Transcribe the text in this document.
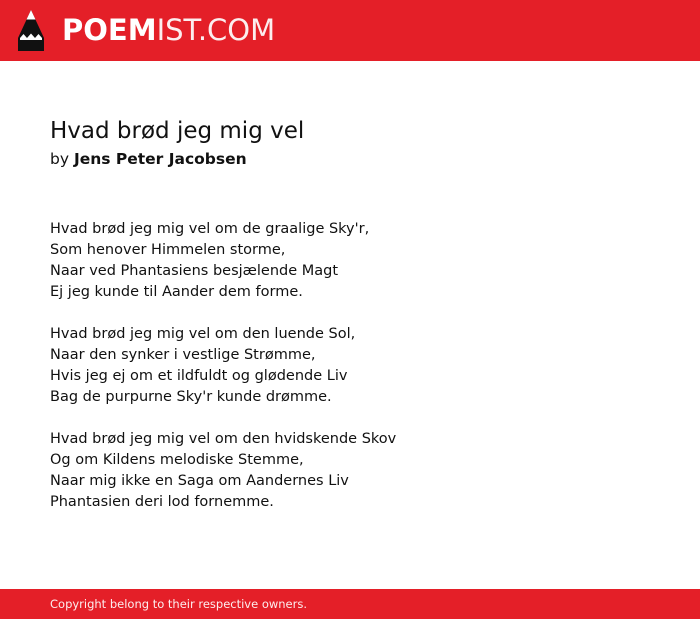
POEMIST.COM
Hvad brød jeg mig vel
by Jens Peter Jacobsen
Hvad brød jeg mig vel om de graalige Sky'r,
Som henover Himmelen storme,
Naar ved Phantasiens besjælende Magt
Ej jeg kunde til Aander dem forme.
Hvad brød jeg mig vel om den luende Sol,
Naar den synker i vestlige Strømme,
Hvis jeg ej om et ildfuldt og glødende Liv
Bag de purpurne Sky'r kunde drømme.
Hvad brød jeg mig vel om den hvidskende Skov
Og om Kildens melodiske Stemme,
Naar mig ikke en Saga om Aandernes Liv
Phantasien deri lod fornemme.
Copyright belong to their respective owners.
